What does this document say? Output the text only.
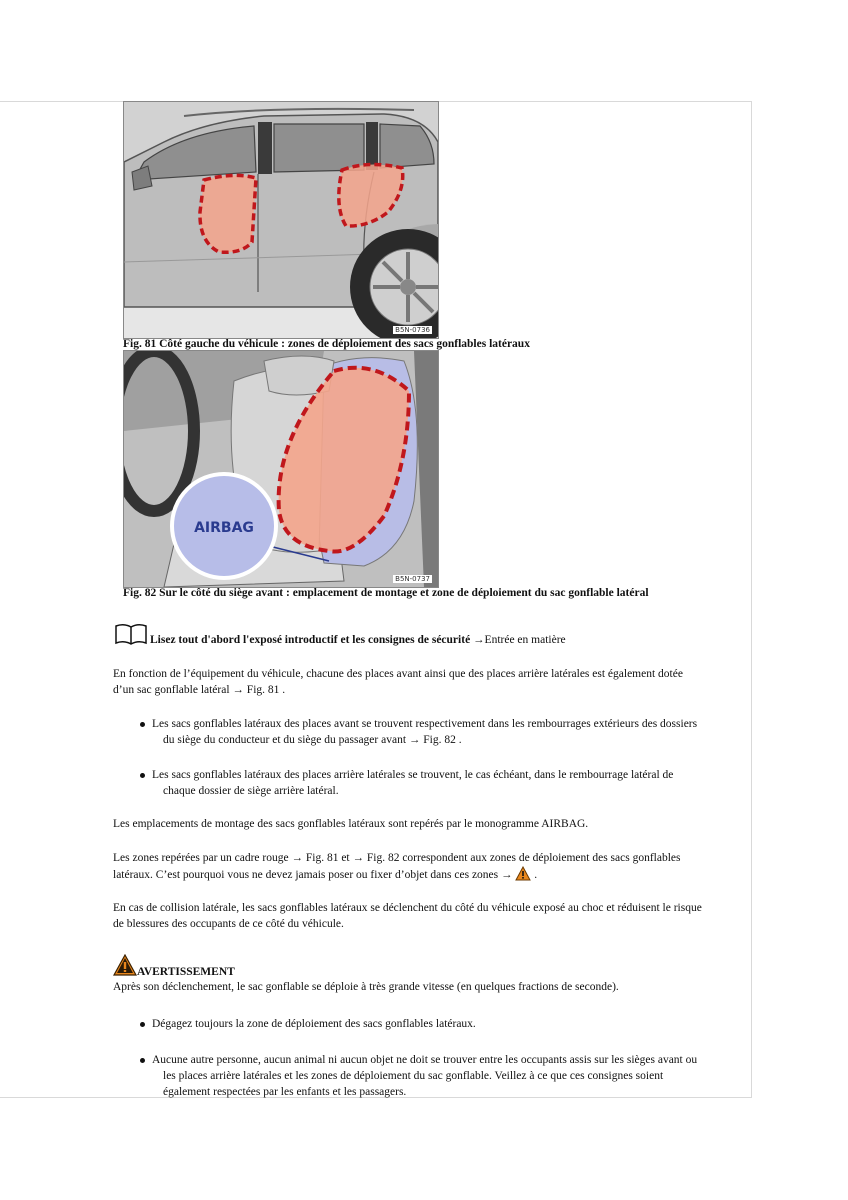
B5N-0736
Fig. 81 Côté gauche du véhicule : zones de déploiement des sacs gonflables latéraux
AIRBAG
B5N-0737
Fig. 82 Sur le côté du siège avant : emplacement de montage et zone de déploiement du sac gonflable latéral
Lisez tout d'abord l'exposé introductif et les consignes de sécurité →Entrée en matière
En fonction de l’équipement du véhicule, chacune des places avant ainsi que des places arrière latérales est également dotée
d’un sac gonflable latéral → Fig. 81 .
Les sacs gonflables latéraux des places avant se trouvent respectivement dans les rembourrages extérieurs des dossiers
du siège du conducteur et du siège du passager avant → Fig. 82 .
Les sacs gonflables latéraux des places arrière latérales se trouvent, le cas échéant, dans le rembourrage latéral de
chaque dossier de siège arrière latéral.
Les emplacements de montage des sacs gonflables latéraux sont repérés par le monogramme AIRBAG.
Les zones repérées par un cadre rouge → Fig. 81 et → Fig. 82 correspondent aux zones de déploiement des sacs gonflables
latéraux. C’est pourquoi vous ne devez jamais poser ou fixer d’objet dans ces zones →  .
En cas de collision latérale, les sacs gonflables latéraux se déclenchent du côté du véhicule exposé au choc et réduisent le risque
de blessures des occupants de ce côté du véhicule.
AVERTISSEMENT
Après son déclenchement, le sac gonflable se déploie à très grande vitesse (en quelques fractions de seconde).
Dégagez toujours la zone de déploiement des sacs gonflables latéraux.
Aucune autre personne, aucun animal ni aucun objet ne doit se trouver entre les occupants assis sur les sièges avant ou
les places arrière latérales et les zones de déploiement du sac gonflable. Veillez à ce que ces consignes soient
également respectées par les enfants et les passagers.
